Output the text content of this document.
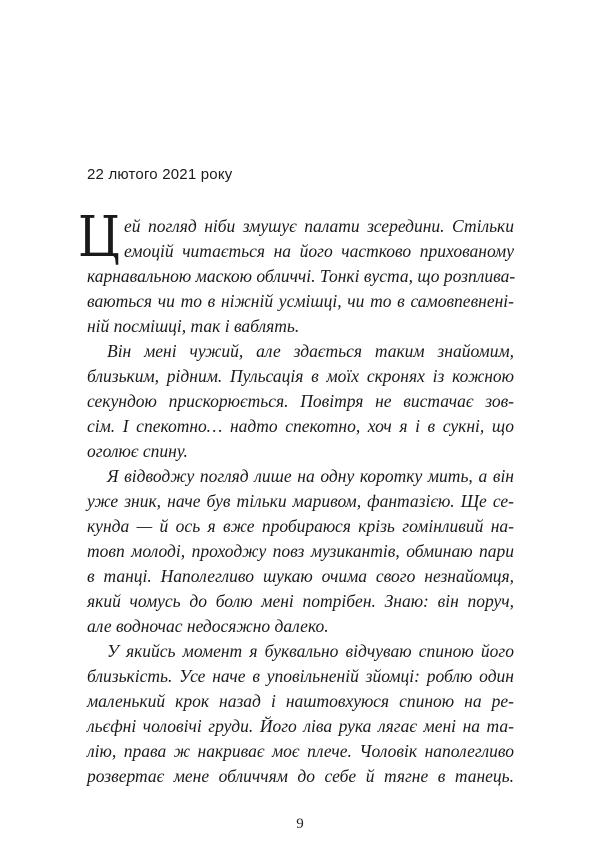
22 лютого 2021 року
Ц ей погляд ніби змушує палати зсередини. Стільки
емоцій читається на його частково прихованому
карнавальною маскою обличчі. Тонкі вуста, що розплива-
ваються чи то в ніжній усмішці, чи то в самовпевнені-
ній посмішці, так і ваблять.
Він мені чужий, але здається таким знайомим,
близьким, рідним. Пульсація в моїх скронях із кожною
секундою прискорюється. Повітря не вистачає зов-
сім. І спекотно… надто спекотно, хоч я і в сукні, що
оголює спину.
Я відводжу погляд лише на одну коротку мить, а він
уже зник, наче був тільки маривом, фантазією. Ще се-
кунда — й ось я вже пробираюся крізь гомінливий на-
товп молоді, проходжу повз музикантів, обминаю пари
в танці. Наполегливо шукаю очима свого незнайомця,
який чомусь до болю мені потрібен. Знаю: він поруч,
але водночас недосяжно далеко.
У якийсь момент я буквально відчуваю спиною його
близькість. Усе наче в уповільненій зйомці: роблю один
маленький крок назад і наштовхуюся спиною на ре-
льєфні чоловічі груди. Його ліва рука лягає мені на та-
лію, права ж накриває моє плече. Чоловік наполегливо
розвертає мене обличчям до себе й тягне в танець.
9
